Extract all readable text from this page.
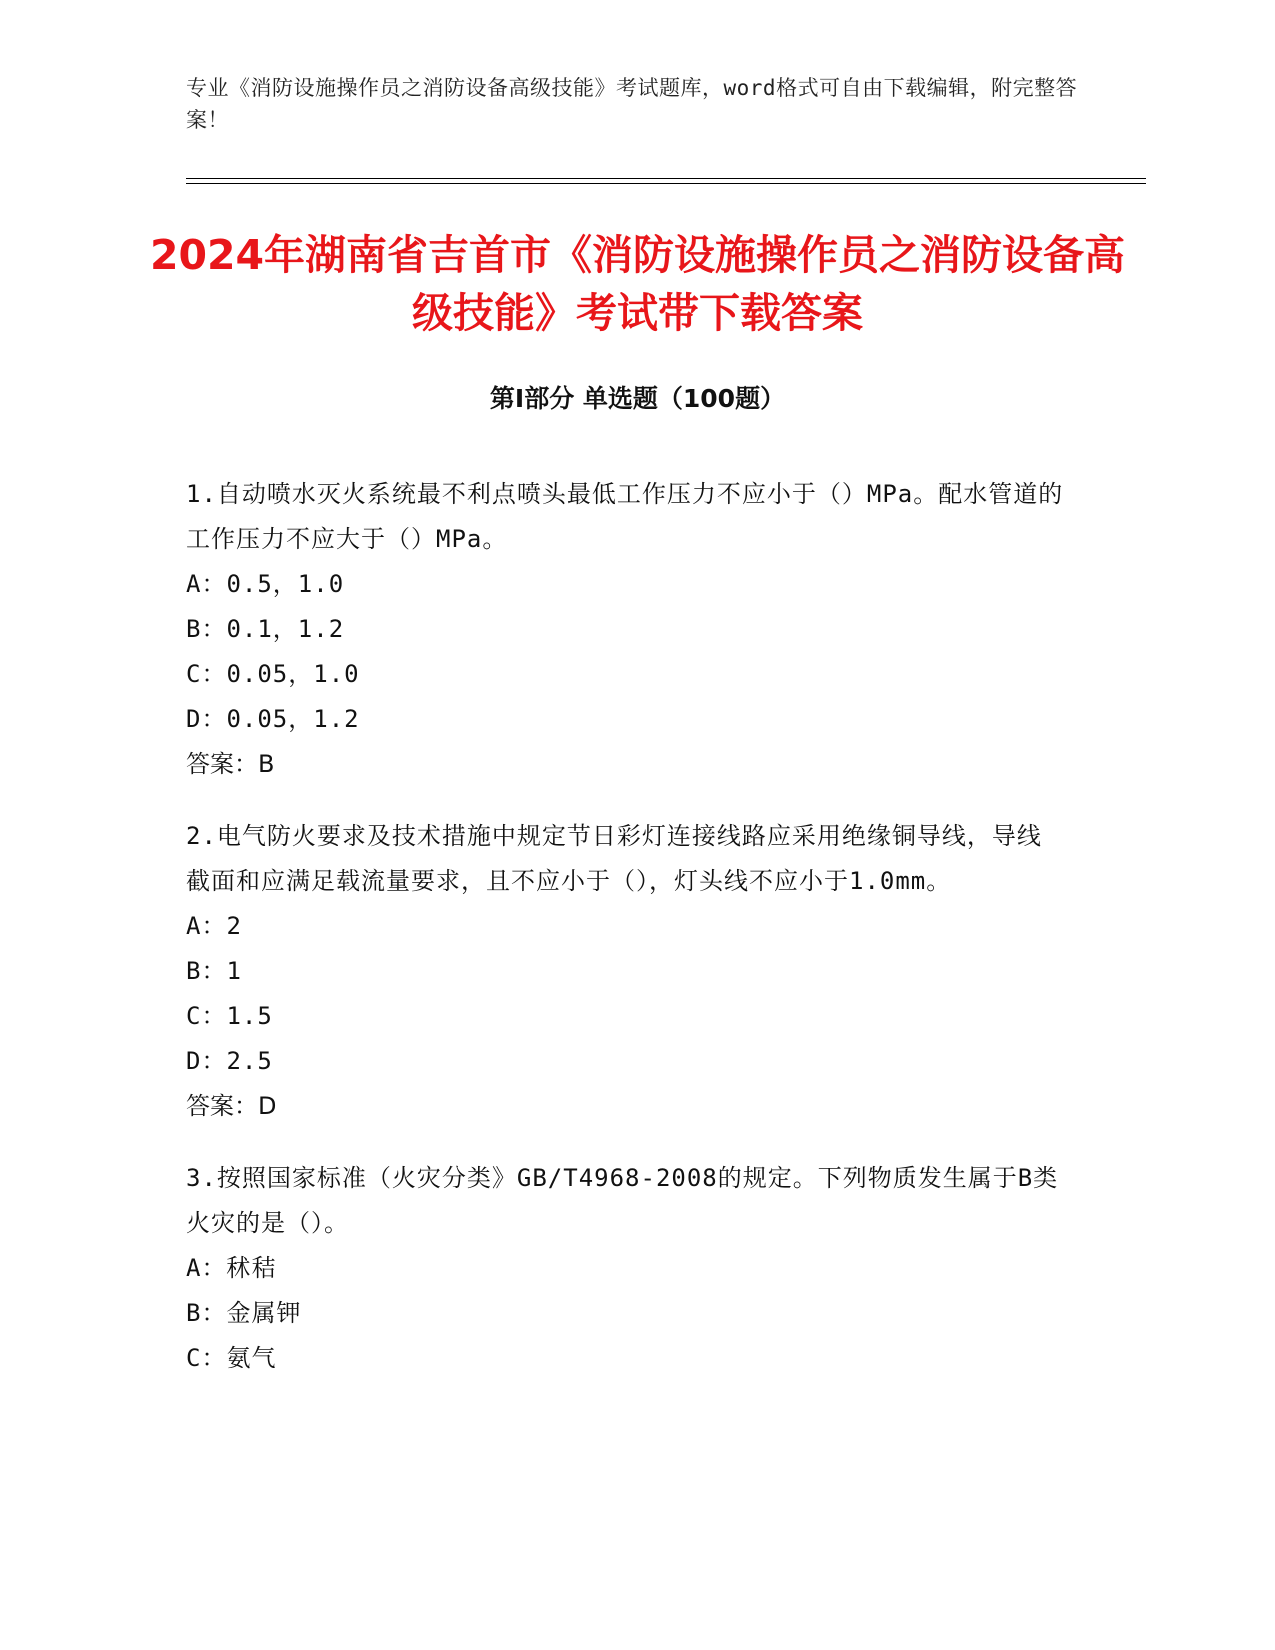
专业《消防设施操作员之消防设备高级技能》考试题库，word格式可自由下载编辑，附完整答案！
2024年湖南省吉首市《消防设施操作员之消防设备高级技能》考试带下载答案
第Ⅰ部分 单选题（100题）
1.自动喷水灭火系统最不利点喷头最低工作压力不应小于（）MPa。配水管道的工作压力不应大于（）MPa。
A：0.5，1.0
B：0.1，1.2
C：0.05，1.0
D：0.05，1.2
答案：B
2.电气防火要求及技术措施中规定节日彩灯连接线路应采用绝缘铜导线，导线截面和应满足载流量要求，且不应小于（），灯头线不应小于1.0mm。
A：2
B：1
C：1.5
D：2.5
答案：D
3.按照国家标准（火灾分类》GB/T4968-2008的规定。下列物质发生属于B类火灾的是（）。
A：秫秸
B：金属钾
C：氨气
